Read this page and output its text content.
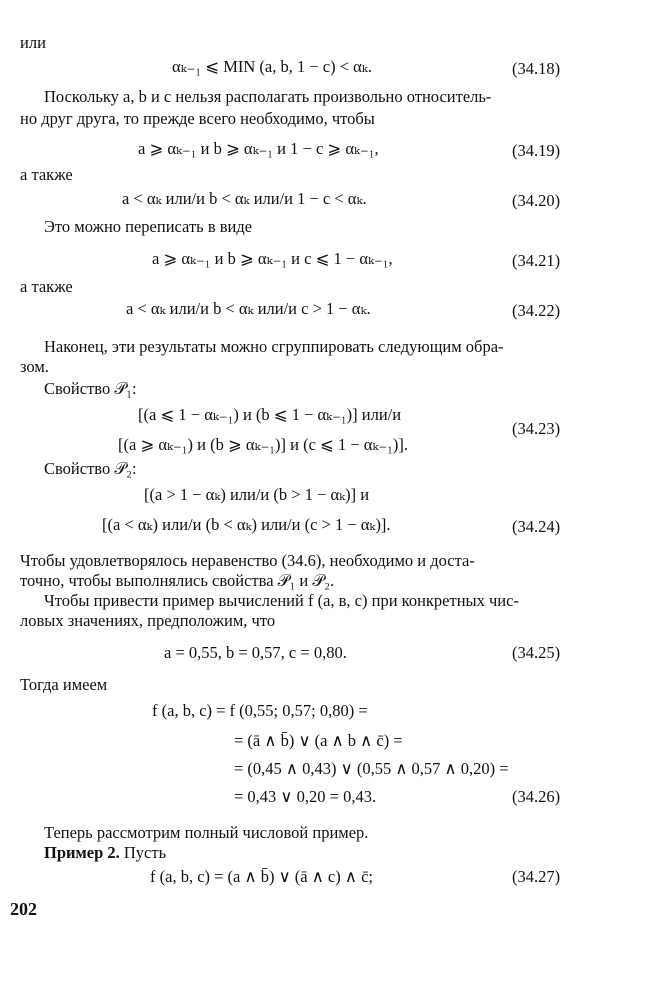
или
αₖ₋₁ ⩽ MIN (a, b, 1 − c) < αₖ.	(34.18)
Поскольку a, b и c нельзя располагать произвольно относитель-
но друг друга, то прежде всего необходимо, чтобы
a ⩾ αₖ₋₁ и b ⩾ αₖ₋₁ и 1 − c ⩾ αₖ₋₁,	(34.19)
а также
a < αₖ или/и b < αₖ или/и 1 − c < αₖ.	(34.20)
Это можно переписать в виде
a ⩾ αₖ₋₁ и b ⩾ αₖ₋₁ и c ⩽ 1 − αₖ₋₁,	(34.21)
а также
a < αₖ или/и b < αₖ или/и c > 1 − αₖ.	(34.22)
Наконец, эти результаты можно сгруппировать следующим обра-
зом.
Свойство 𝒫₁:
[(a ⩽ 1 − αₖ₋₁) и (b ⩽ 1 − αₖ₋₁)] или/и
[(a ⩾ αₖ₋₁) и (b ⩾ αₖ₋₁)] и (c ⩽ 1 − αₖ₋₁)].
(34.23)
Свойство 𝒫₂:
[(a > 1 − αₖ) или/и (b > 1 − αₖ)] и
[(a < αₖ) или/и (b < αₖ) или/и (c > 1 − αₖ)].	(34.24)
Чтобы удовлетворялось неравенство (34.6), необходимо и доста-
точно, чтобы выполнялись свойства 𝒫₁ и 𝒫₂.
Чтобы привести пример вычислений f (a, в, c) при конкретных чис-
ловых значениях, предположим, что
a = 0,55, b = 0,57, c = 0,80.	(34.25)
Тогда имеем
f (a, b, c) = f (0,55; 0,57; 0,80) =
= (ā ∧ b̄) ∨ (a ∧ b ∧ c̄) =
= (0,45 ∧ 0,43) ∨ (0,55 ∧ 0,57 ∧ 0,20) =
= 0,43 ∨ 0,20 = 0,43.	(34.26)
Теперь рассмотрим полный числовой пример.
Пример 2. Пусть
f (a, b, c) = (a ∧ b̄) ∨ (ā ∧ c) ∧ c̄;	(34.27)
202
